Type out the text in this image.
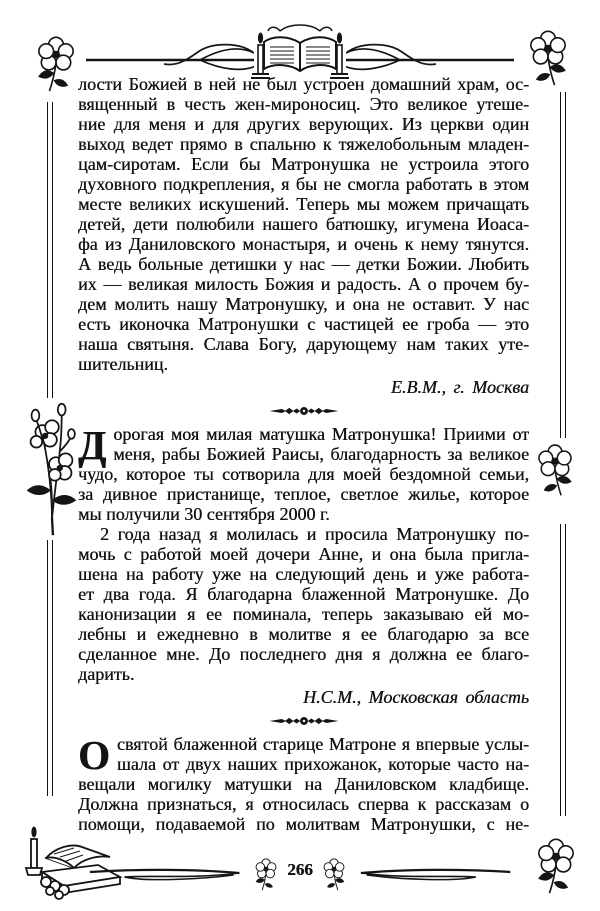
лости Божией в ней не был устроен домашний храм, ос-
вященный в честь жен-мироносиц. Это великое утеше-
ние для меня и для других верующих. Из церкви один
выход ведет прямо в спальню к тяжелобольным младен-
цам-сиротам. Если бы Матронушка не устроила этого
духовного подкрепления, я бы не смогла работать в этом
месте великих искушений. Теперь мы можем причащать
детей, дети полюбили нашего батюшку, игумена Иоаса-
фа из Даниловского монастыря, и очень к нему тянутся.
А ведь больные детишки у нас — детки Божии. Любить
их — великая милость Божия и радость. А о прочем бу-
дем молить нашу Матронушку, и она не оставит. У нас
есть иконочка Матронушки с частицей ее гроба — это
наша святыня. Слава Богу, дарующему нам таких уте-
шительниц.
Е.В.М., г. Москва
Д орогая моя милая матушка Матронушка! Приими от
меня, рабы Божией Раисы, благодарность за великое
чудо, которое ты сотворила для моей бездомной семьи,
за дивное пристанище, теплое, светлое жилье, которое
мы получили 30 сентября 2000 г.
2 года назад я молилась и просила Матронушку по-
мочь с работой моей дочери Анне, и она была пригла-
шена на работу уже на следующий день и уже работа-
ет два года. Я благодарна блаженной Матронушке. До
канонизации я ее поминала, теперь заказываю ей мо-
лебны и ежедневно в молитве я ее благодарю за все
сделанное мне. До последнего дня я должна ее благо-
дарить.
Н.С.М., Московская область
О святой блаженной старице Матроне я впервые услы-
шала от двух наших прихожанок, которые часто на-
вещали могилку матушки на Даниловском кладбище.
Должна признаться, я относилась сперва к рассказам о
помощи, подаваемой по молитвам Матронушки, с не-
266
